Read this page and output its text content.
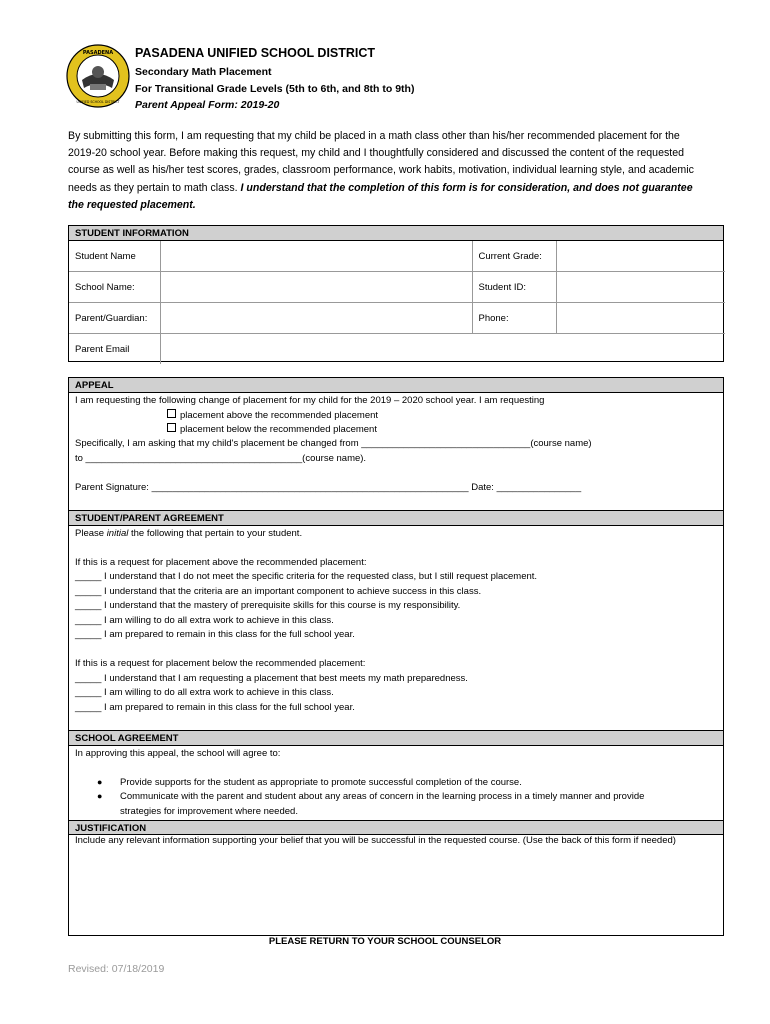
PASADENA
UNIFIED SCHOOL DISTRICT
PASADENA UNIFIED SCHOOL DISTRICT
Secondary Math Placement
For Transitional Grade Levels (5th to 6th, and 8th to 9th)
Parent Appeal Form: 2019-20
By submitting this form, I am requesting that my child be placed in a math class other than his/her recommended placement for the 2019-20 school year. Before making this request, my child and I thoughtfully considered and discussed the content of the requested course as well as his/her test scores, grades, classroom performance, work habits, motivation, individual learning style, and academic needs as they pertain to math class. I understand that the completion of this form is for consideration, and does not guarantee the requested placement.
STUDENT INFORMATION
Student Name		Current Grade:	
School Name:		Student ID:	
Parent/Guardian:		Phone:	
Parent Email			
APPEAL
I am requesting the following change of placement for my child for the 2019 – 2020 school year. I am requesting
placement above the recommended placement
placement below the recommended placement
Specifically, I am asking that my child's placement be changed from ________________________________(course name)
to _________________________________________(course name).
Parent Signature: ____________________________________________________________ Date: ________________
STUDENT/PARENT AGREEMENT
Please initial the following that pertain to your student.
If this is a request for placement above the recommended placement:
_____ I understand that I do not meet the specific criteria for the requested class, but I still request placement.
_____ I understand that the criteria are an important component to achieve success in this class.
_____ I understand that the mastery of prerequisite skills for this course is my responsibility.
_____ I am willing to do all extra work to achieve in this class.
_____ I am prepared to remain in this class for the full school year.
If this is a request for placement below the recommended placement:
_____ I understand that I am requesting a placement that best meets my math preparedness.
_____ I am willing to do all extra work to achieve in this class.
_____ I am prepared to remain in this class for the full school year.
SCHOOL AGREEMENT
In approving this appeal, the school will agree to:
● Provide supports for the student as appropriate to promote successful completion of the course.
● Communicate with the parent and student about any areas of concern in the learning process in a timely manner and provide
strategies for improvement where needed.
JUSTIFICATION
Include any relevant information supporting your belief that you will be successful in the requested course. (Use the back of this form if needed)
PLEASE RETURN TO YOUR SCHOOL COUNSELOR
Revised: 07/18/2019
